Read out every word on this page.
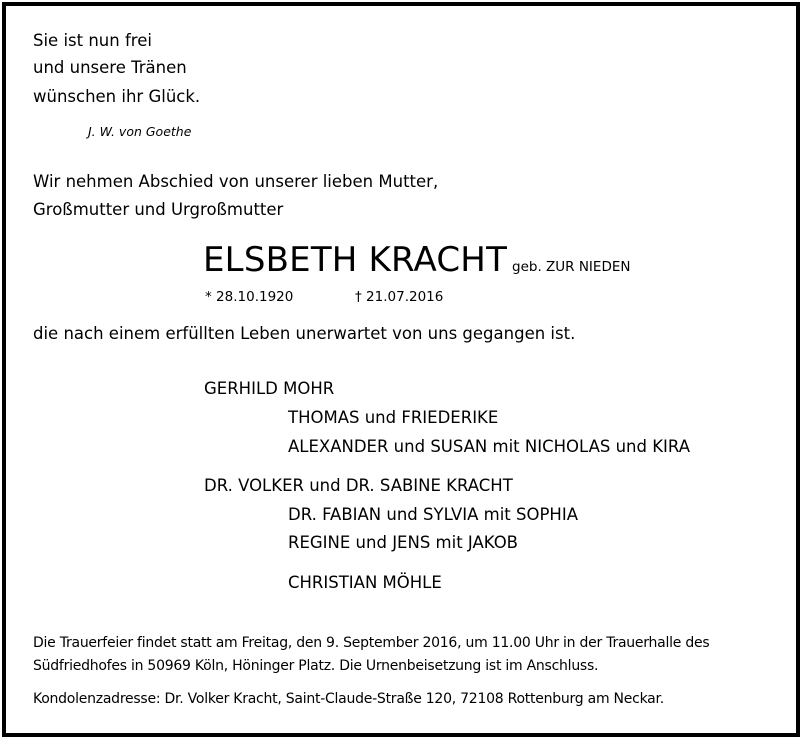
Sie ist nun frei
und unsere Tränen
wünschen ihr Glück.
J. W. von Goethe
Wir nehmen Abschied von unserer lieben Mutter,
Großmutter und Urgroßmutter
ELSBETH KRACHT geb. ZUR NIEDEN
* 28.10.1920	† 21.07.2016
die nach einem erfüllten Leben unerwartet von uns gegangen ist.
GERHILD MOHR
THOMAS und FRIEDERIKE
ALEXANDER und SUSAN mit NICHOLAS und KIRA
DR. VOLKER und DR. SABINE KRACHT
DR. FABIAN und SYLVIA mit SOPHIA
REGINE und JENS mit JAKOB
CHRISTIAN MÖHLE
Die Trauerfeier findet statt am Freitag, den 9. September 2016, um 11.00 Uhr in der Trauerhalle des
Südfriedhofes in 50969 Köln, Höninger Platz. Die Urnenbeisetzung ist im Anschluss.
Kondolenzadresse: Dr. Volker Kracht, Saint-Claude-Straße 120, 72108 Rottenburg am Neckar.
